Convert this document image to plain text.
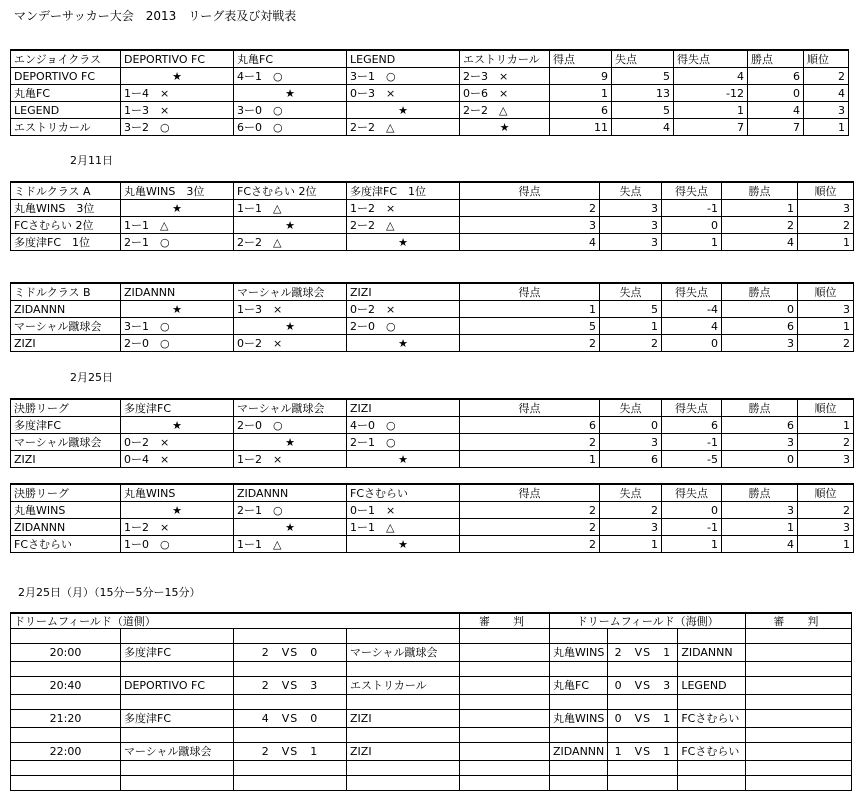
マンデーサッカー大会　2013　リーグ表及び対戦表
エンジョイクラス	DEPORTIVO FC	丸亀FC	LEGEND	エストリカール	得点	失点	得失点	勝点	順位
DEPORTIVO FC	★	4ー1　○	3ー1　○	2ー3　×	9	5	4	6	2
丸亀FC	1ー4　×	★	0ー3　×	0ー6　×	1	13	-12	0	4
LEGEND	1ー3　×	3ー0　○	★	2ー2　△	6	5	1	4	3
エストリカール	3ー2　○	6ー0　○	2ー2　△	★	11	4	7	7	1
2月11日
ミドルクラス A	丸亀WINS　3位	FCさむらい 2位	多度津FC　1位	得点	失点	得失点	勝点	順位
丸亀WINS　3位	★	1ー1　△	1ー2　×	2	3	-1	1	3
FCさむらい 2位	1ー1　△	★	2ー2　△	3	3	0	2	2
多度津FC　1位	2ー1　○	2ー2　△	★	4	3	1	4	1
ミドルクラス B	ZIDANNN	マーシャル蹴球会	ZIZI	得点	失点	得失点	勝点	順位
ZIDANNN	★	1ー3　×	0ー2　×	1	5	-4	0	3
マーシャル蹴球会	3ー1　○	★	2ー0　○	5	1	4	6	1
ZIZI	2ー0　○	0ー2　×	★	2	2	0	3	2
2月25日
決勝リーグ	多度津FC	マーシャル蹴球会	ZIZI	得点	失点	得失点	勝点	順位
多度津FC	★	2ー0　○	4ー0　○	6	0	6	6	1
マーシャル蹴球会	0ー2　×	★	2ー1　○	2	3	-1	3	2
ZIZI	0ー4　×	1ー2　×	★	1	6	-5	0	3
決勝リーグ	丸亀WINS	ZIDANNN	FCさむらい	得点	失点	得失点	勝点	順位
丸亀WINS	★	2ー1　○	0ー1　×	2	2	0	3	2
ZIDANNN	1ー2　×	★	1ー1　△	2	3	-1	1	3
FCさむらい	1ー0　○	1ー1　△	★	2	1	1	4	1
2月25日（月）（15分ー5分ー15分）
ドリームフィールド（道側）				審　判	ドリームフィールド（海側）			審　判

20:00	多度津FC	2　VS　0	マーシャル蹴球会		丸亀WINS	2　VS　1	ZIDANNN	

20:40	DEPORTIVO FC	2　VS　3	エストリカール		丸亀FC	0　VS　3	LEGEND	

21:20	多度津FC	4　VS　0	ZIZI		丸亀WINS	0　VS　1	FCさむらい	

22:00	マーシャル蹴球会	2　VS　1	ZIZI		ZIDANNN	1　VS　1	FCさむらい	
